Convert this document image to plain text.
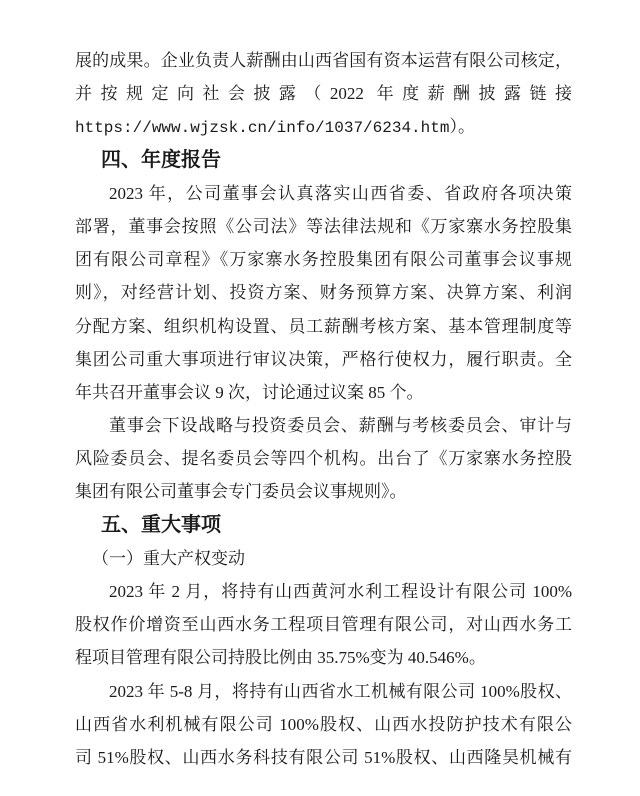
展的成果。企业负责人薪酬由山西省国有资本运营有限公司核定，
并按规定向社会披露（2022 年度薪酬披露链接
https://www.wjzsk.cn/info/1037/6234.htm）。
四、年度报告
2023 年，公司董事会认真落实山西省委、省政府各项决策
部署，董事会按照《公司法》等法律法规和《万家寨水务控股集
团有限公司章程》《万家寨水务控股集团有限公司董事会议事规
则》，对经营计划、投资方案、财务预算方案、决算方案、利润
分配方案、组织机构设置、员工薪酬考核方案、基本管理制度等
集团公司重大事项进行审议决策，严格行使权力，履行职责。全
年共召开董事会议 9 次，讨论通过议案 85 个。
董事会下设战略与投资委员会、薪酬与考核委员会、审计与
风险委员会、提名委员会等四个机构。出台了《万家寨水务控股
集团有限公司董事会专门委员会议事规则》。
五、重大事项
（一）重大产权变动
2023 年 2 月，将持有山西黄河水利工程设计有限公司 100%
股权作价增资至山西水务工程项目管理有限公司，对山西水务工
程项目管理有限公司持股比例由 35.75%变为 40.546%。
2023 年 5-8 月，将持有山西省水工机械有限公司 100%股权、
山西省水利机械有限公司 100%股权、山西水投防护技术有限公
司 51%股权、山西水务科技有限公司 51%股权、山西隆昊机械有
